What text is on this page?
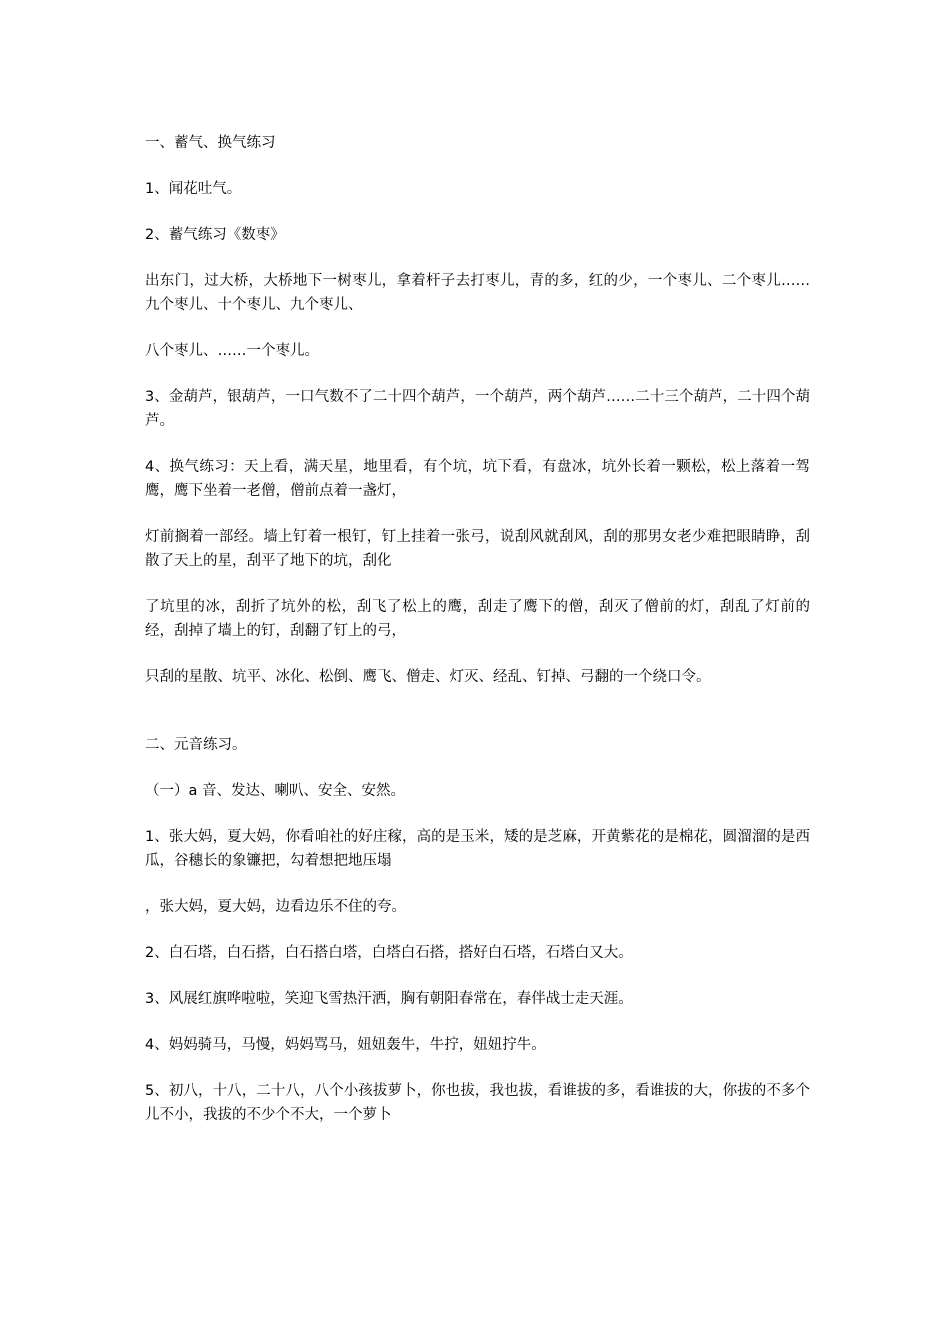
一、蓄气、换气练习

1、闻花吐气。

2、蓄气练习《数枣》

出东门，过大桥，大桥地下一树枣儿，拿着杆子去打枣儿，青的多，红的少，一个枣儿、二个枣儿……九个枣儿、十个枣儿、九个枣儿、

八个枣儿、……一个枣儿。

3、金葫芦，银葫芦，一口气数不了二十四个葫芦，一个葫芦，两个葫芦……二十三个葫芦，二十四个葫芦。

4、换气练习：天上看，满天星，地里看，有个坑，坑下看，有盘冰，坑外长着一颗松，松上落着一驾鹰，鹰下坐着一老僧，僧前点着一盏灯，

灯前搁着一部经。墙上钉着一根钉，钉上挂着一张弓，说刮风就刮风，刮的那男女老少难把眼睛睁，刮散了天上的星，刮平了地下的坑，刮化

了坑里的冰，刮折了坑外的松，刮飞了松上的鹰，刮走了鹰下的僧，刮灭了僧前的灯，刮乱了灯前的经，刮掉了墙上的钉，刮翻了钉上的弓，

只刮的星散、坑平、冰化、松倒、鹰飞、僧走、灯灭、经乱、钉掉、弓翻的一个绕口令。

二、元音练习。

（一）a 音、发达、喇叭、安全、安然。

1、张大妈，夏大妈，你看咱社的好庄稼，高的是玉米，矮的是芝麻，开黄紫花的是棉花，圆溜溜的是西瓜，谷穗长的象镰把，勾着想把地压塌

，张大妈，夏大妈，边看边乐不住的夸。

2、白石塔，白石搭，白石搭白塔，白塔白石搭，搭好白石塔，石塔白又大。

3、风展红旗哗啦啦，笑迎飞雪热汗洒，胸有朝阳春常在，春伴战士走天涯。

4、妈妈骑马，马慢，妈妈骂马，妞妞轰牛，牛拧，妞妞拧牛。

5、初八，十八，二十八，八个小孩拔萝卜，你也拔，我也拔，看谁拔的多，看谁拔的大，你拔的不多个儿不小，我拔的不少个不大，一个萝卜
